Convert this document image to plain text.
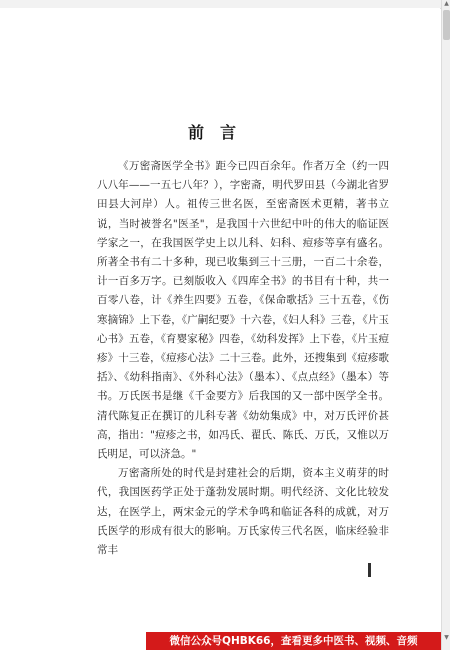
前言

《万密斋医学全书》距今已四百余年。作者万全（约一四八八年——一五七八年？），字密斋，明代罗田县（今湖北省罗田县大河岸）人。祖传三世名医，至密斋医术更精，著书立说，当时被誉名"医圣"，是我国十六世纪中叶的伟大的临证医学家之一，在我国医学史上以儿科、妇科、痘疹等享有盛名。所著全书有二十多种，现已收集到三十三册，一百二十余卷，计一百多万字。已刻版收入《四库全书》的书目有十种，共一百零八卷，计《养生四要》五卷，《保命歌括》三十五卷，《伤寒摘锦》上下卷，《广嗣纪要》十六卷，《妇人科》三卷，《片玉心书》五卷，《育婴家秘》四卷，《幼科发挥》上下卷，《片玉痘疹》十三卷，《痘疹心法》二十三卷。此外，还搜集到《痘疹歌括》、《幼科指南》、《外科心法》（墨本）、《点点经》（墨本）等书。万氏医书是继《千金要方》后我国的又一部中医学全书。清代陈复正在撰订的儿科专著《幼幼集成》中，对万氏评价甚高，指出："痘疹之书，如冯氏、翟氏、陈氏、万氏，又惟以万氏明足，可以济急。"

万密斋所处的时代是封建社会的后期，资本主义萌芽的时代，我国医药学正处于蓬勃发展时期。明代经济、文化比较发达，在医学上，两宋金元的学术争鸣和临证各科的成就，对万氏医学的形成有很大的影响。万氏家传三代名医，临床经验非常丰

▲
▼
微信公众号QHBK66，查看更多中医书、视频、音频
